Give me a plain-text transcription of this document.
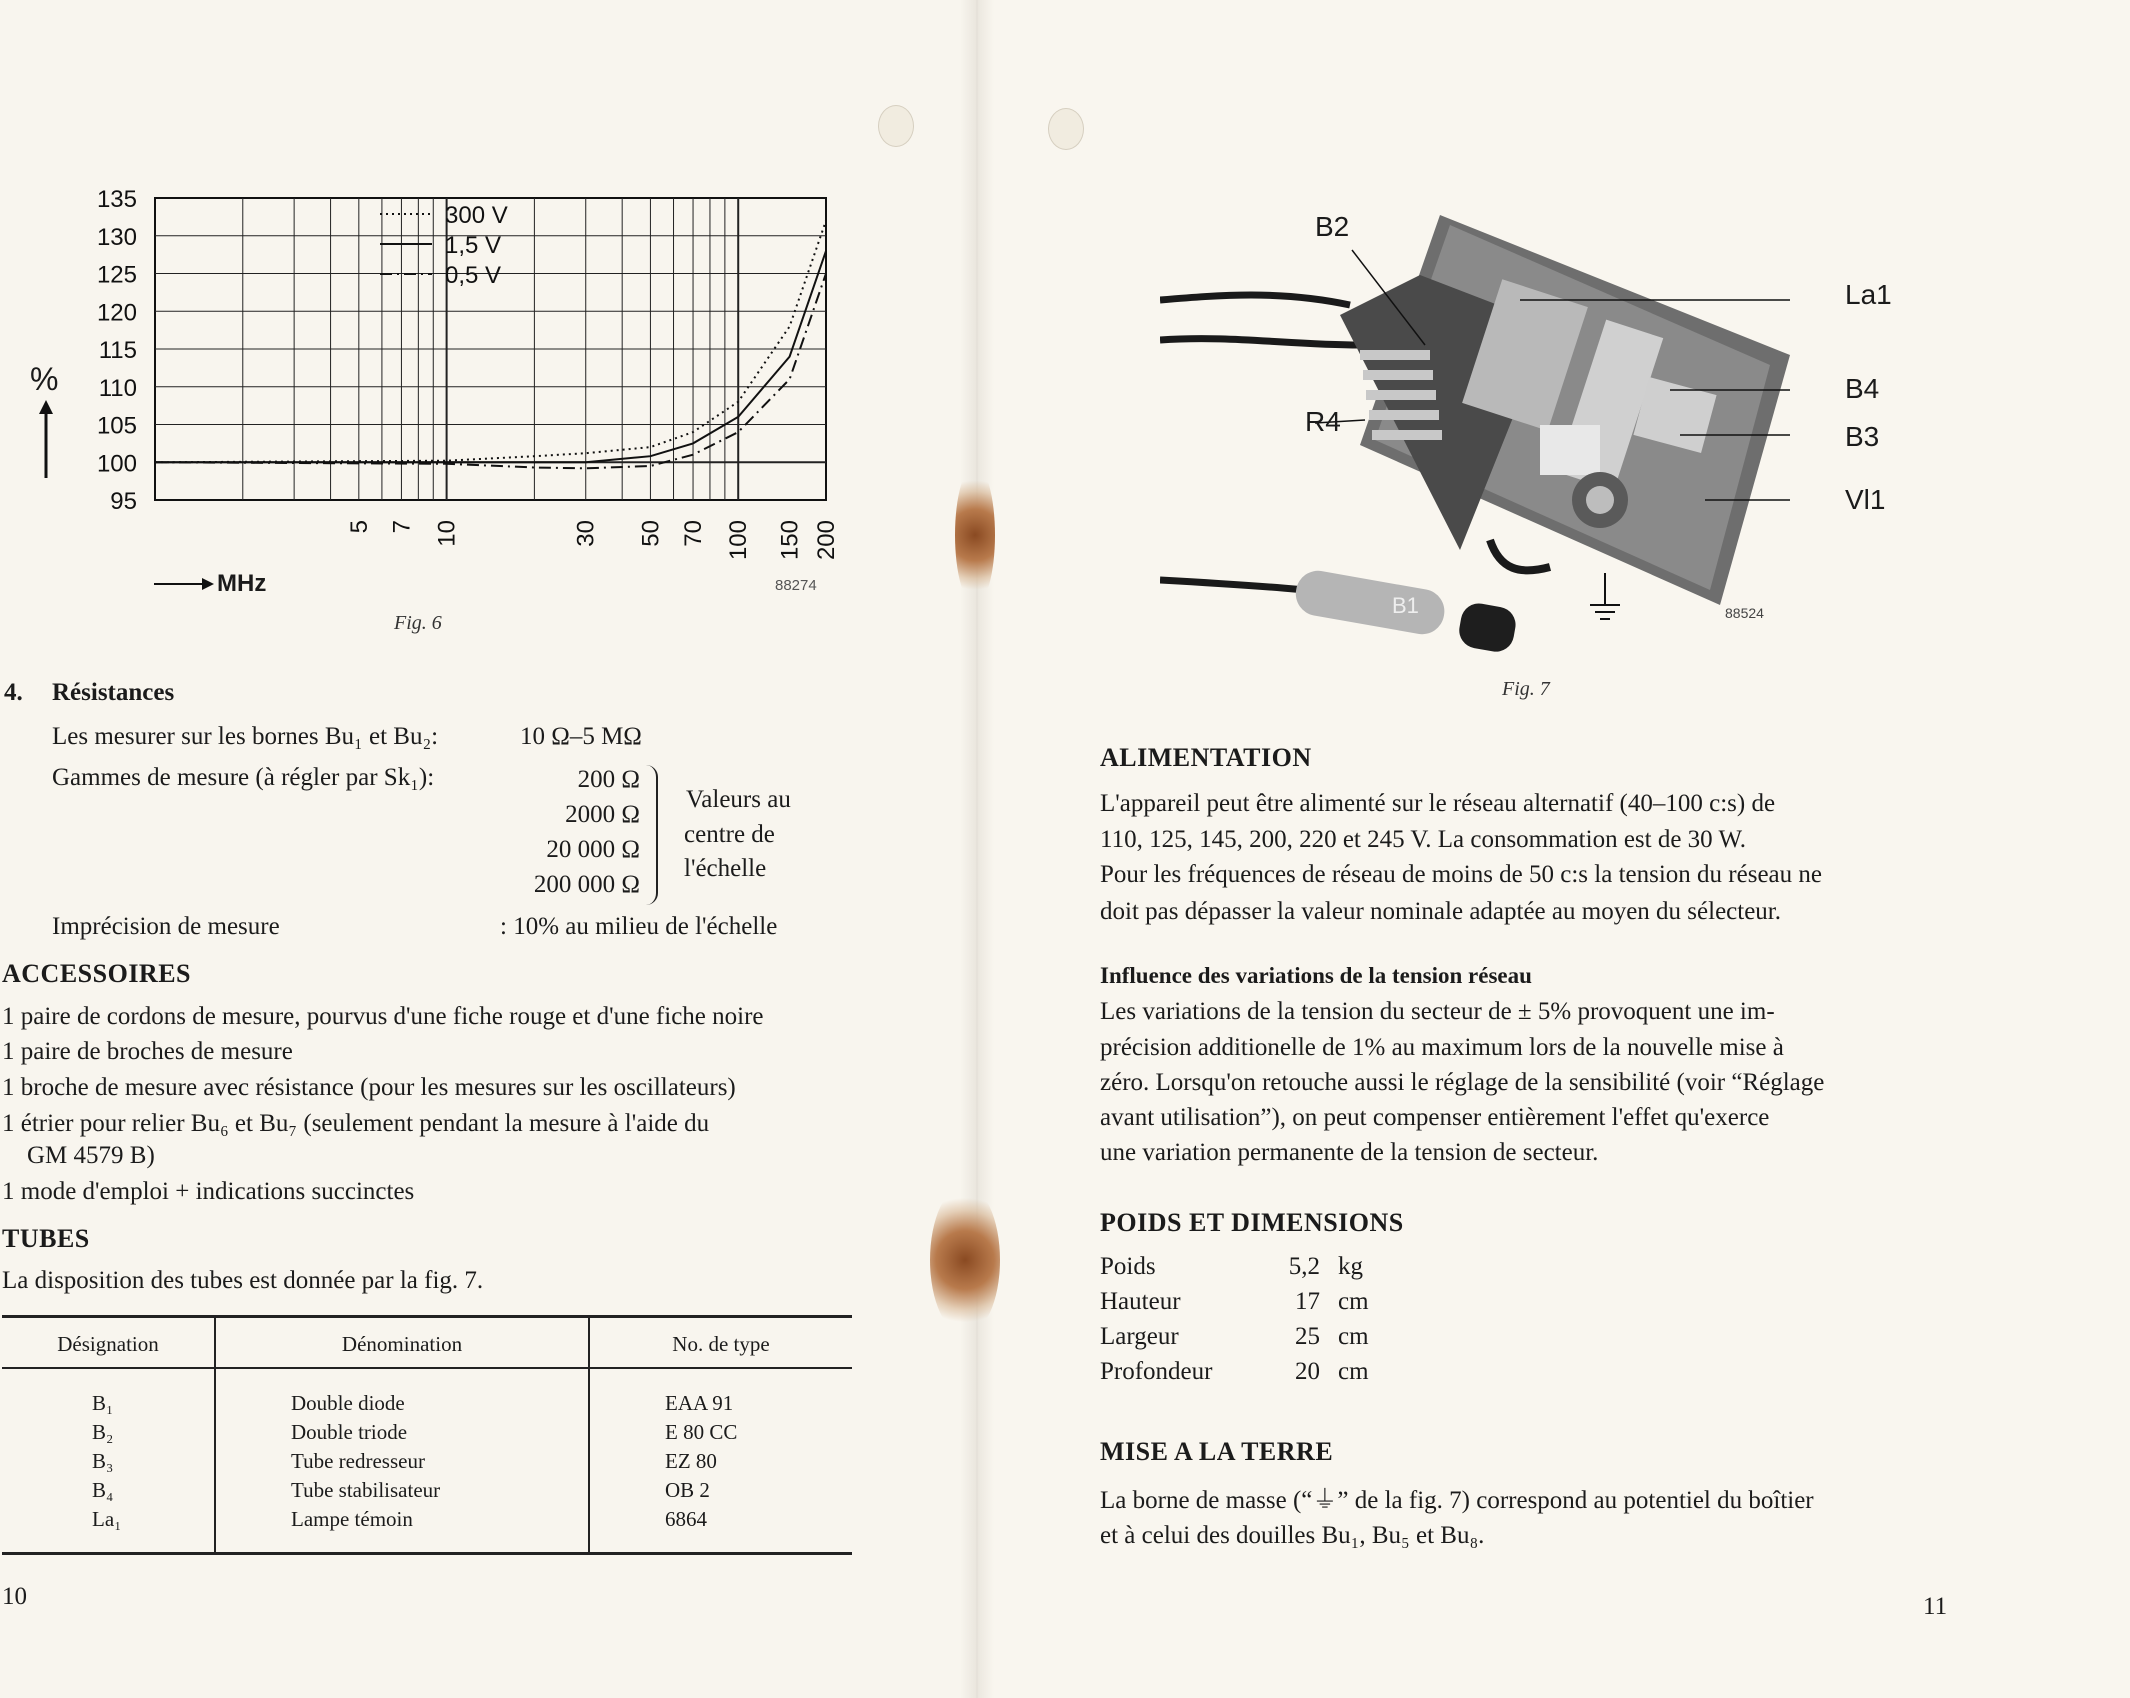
95
100
105
110
115
120
125
130
135
5 7 10	30 50 70 100 150 200
300 V
1,5 V
0,5 V
%
MHz	88274
Fig. 6
4. Résistances
Les mesurer sur les bornes Bu₁ et Bu₂:	10 Ω–5 MΩ
Gammes de mesure (à régler par Sk₁):	200 Ω
2000 Ω
20 000 Ω
200 000 Ω
Valeurs au
centre de
l'échelle
Imprécision de mesure	: 10% au milieu de l'échelle
ACCESSOIRES
1 paire de cordons de mesure, pourvus d'une fiche rouge et d'une fiche noire
1 paire de broches de mesure
1 broche de mesure avec résistance (pour les mesures sur les oscillateurs)
1 étrier pour relier Bu₆ et Bu₇ (seulement pendant la mesure à l'aide du
GM 4579 B)
1 mode d'emploi + indications succinctes
TUBES
La disposition des tubes est donnée par la fig. 7.
Désignation	Dénomination	No. de type
B₁	Double diode	EAA 91
B₂	Double triode	E 80 CC
B₃	Tube redresseur	EZ 80
B₄	Tube stabilisateur	OB 2
La₁	Lampe témoin	6864
10
B2
La1
R4
B4
B3
Vl1
B1	88524
Fig. 7
ALIMENTATION
L'appareil peut être alimenté sur le réseau alternatif (40–100 c:s) de
110, 125, 145, 200, 220 et 245 V. La consommation est de 30 W.
Pour les fréquences de réseau de moins de 50 c:s la tension du réseau ne
doit pas dépasser la valeur nominale adaptée au moyen du sélecteur.
Influence des variations de la tension réseau
Les variations de la tension du secteur de ± 5% provoquent une im-
précision additionelle de 1% au maximum lors de la nouvelle mise à
zéro. Lorsqu'on retouche aussi le réglage de la sensibilité (voir “Réglage
avant utilisation”), on peut compenser entièrement l'effet qu'exerce
une variation permanente de la tension de secteur.
POIDS ET DIMENSIONS
Poids	5,2 kg
Hauteur	17 cm
Largeur	25 cm
Profondeur	20 cm
MISE A LA TERRE
La borne de masse (“⏚” de la fig. 7) correspond au potentiel du boîtier
et à celui des douilles Bu₁, Bu₅ et Bu₈.
11
